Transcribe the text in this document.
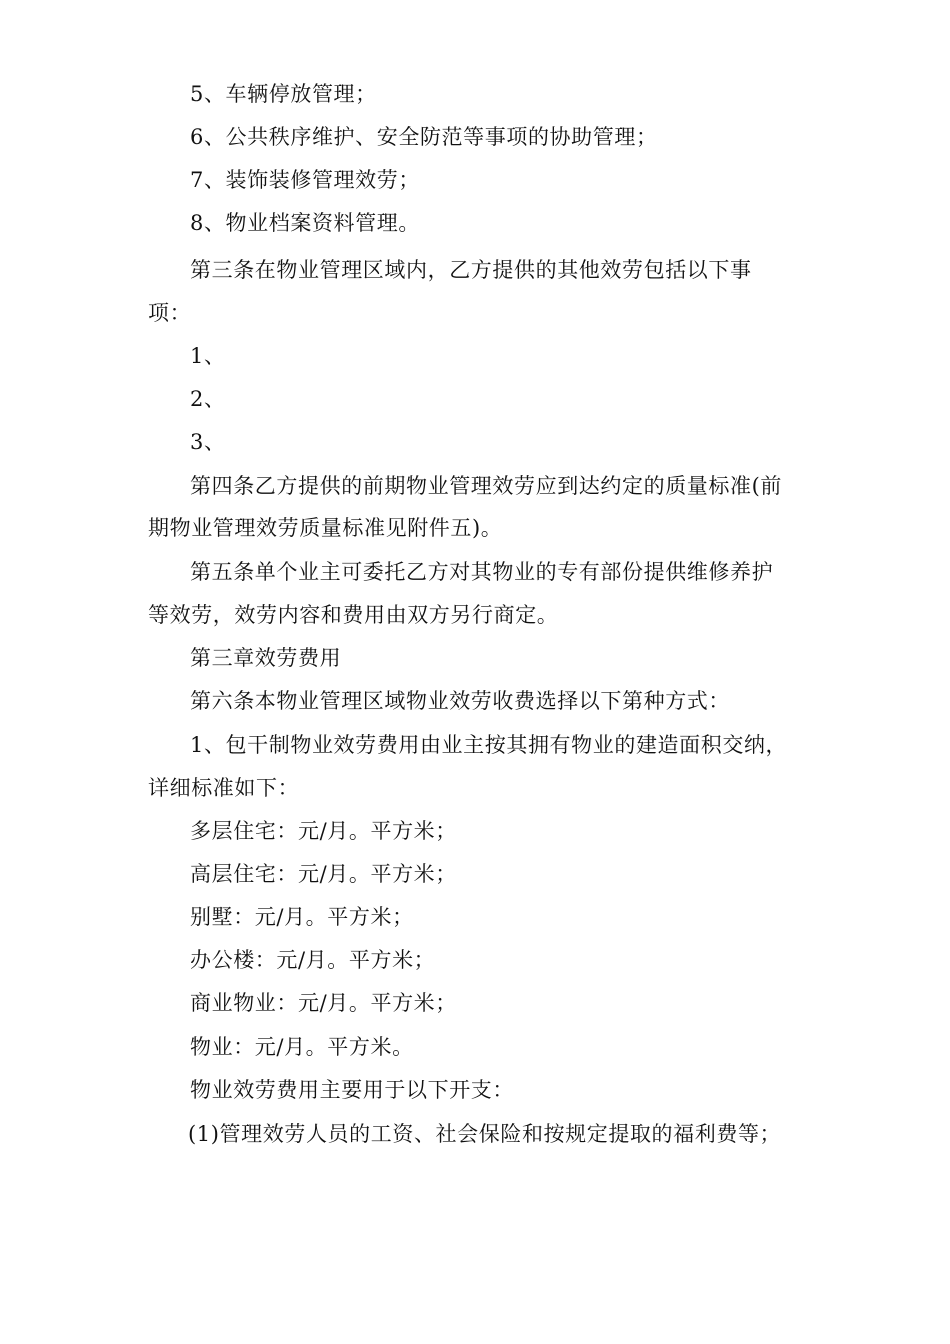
5、车辆停放管理；
6、公共秩序维护、安全防范等事项的协助管理；
7、装饰装修管理效劳；
8、物业档案资料管理。
第三条在物业管理区域内，乙方提供的其他效劳包括以下事
项：
1、
2、
3、
第四条乙方提供的前期物业管理效劳应到达约定的质量标准(前
期物业管理效劳质量标准见附件五)。
第五条单个业主可委托乙方对其物业的专有部份提供维修养护
等效劳，效劳内容和费用由双方另行商定。
第三章效劳费用
第六条本物业管理区域物业效劳收费选择以下第种方式：
1、包干制物业效劳费用由业主按其拥有物业的建造面积交纳，
详细标准如下：
多层住宅：元/月。平方米；
高层住宅：元/月。平方米；
别墅：元/月。平方米；
办公楼：元/月。平方米；
商业物业：元/月。平方米；
物业：元/月。平方米。
物业效劳费用主要用于以下开支：
(1)管理效劳人员的工资、社会保险和按规定提取的福利费等；
